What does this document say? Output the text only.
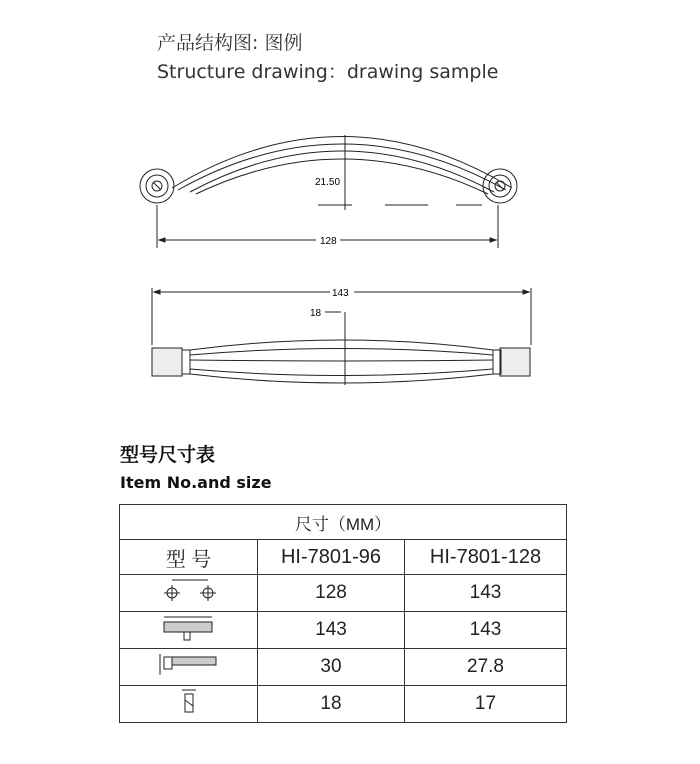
产品结构图: 图例
Structure drawing：drawing sample
21.50
128
143
18
型号尺寸表
Item No.and size
尺寸（MM）		
型 号	HI-7801-96	HI-7801-128
	128	143
	143	143
	30	27.8
	18	17
